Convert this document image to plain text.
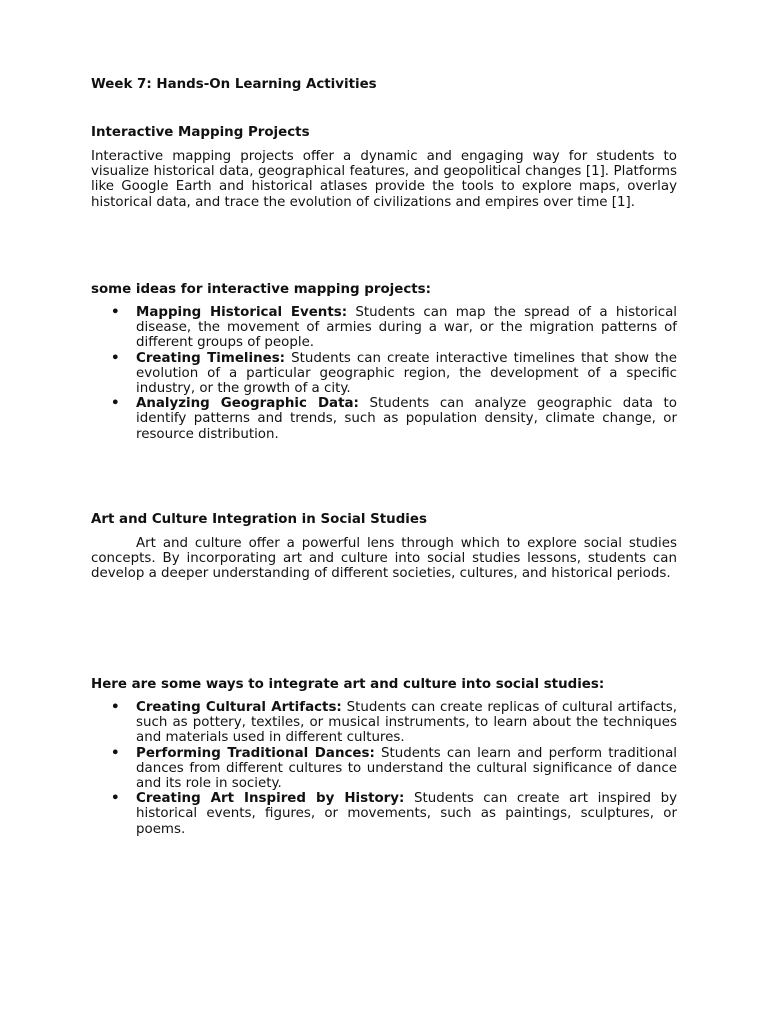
Week 7: Hands-On Learning Activities
Interactive Mapping Projects

Interactive mapping projects offer a dynamic and engaging way for students to visualize historical data, geographical features, and geopolitical changes [1]. Platforms like Google Earth and historical atlases provide the tools to explore maps, overlay historical data, and trace the evolution of civilizations and empires over time [1].

some ideas for interactive mapping projects:
• Mapping Historical Events: Students can map the spread of a historical disease, the movement of armies during a war, or the migration patterns of different groups of people.
• Creating Timelines: Students can create interactive timelines that show the evolution of a particular geographic region, the development of a specific industry, or the growth of a city.
• Analyzing Geographic Data: Students can analyze geographic data to identify patterns and trends, such as population density, climate change, or resource distribution.
Art and Culture Integration in Social Studies

Art and culture offer a powerful lens through which to explore social studies concepts. By incorporating art and culture into social studies lessons, students can develop a deeper understanding of different societies, cultures, and historical periods.

Here are some ways to integrate art and culture into social studies:
• Creating Cultural Artifacts: Students can create replicas of cultural artifacts, such as pottery, textiles, or musical instruments, to learn about the techniques and materials used in different cultures.
• Performing Traditional Dances: Students can learn and perform traditional dances from different cultures to understand the cultural significance of dance and its role in society.
• Creating Art Inspired by History: Students can create art inspired by historical events, figures, or movements, such as paintings, sculptures, or poems.
